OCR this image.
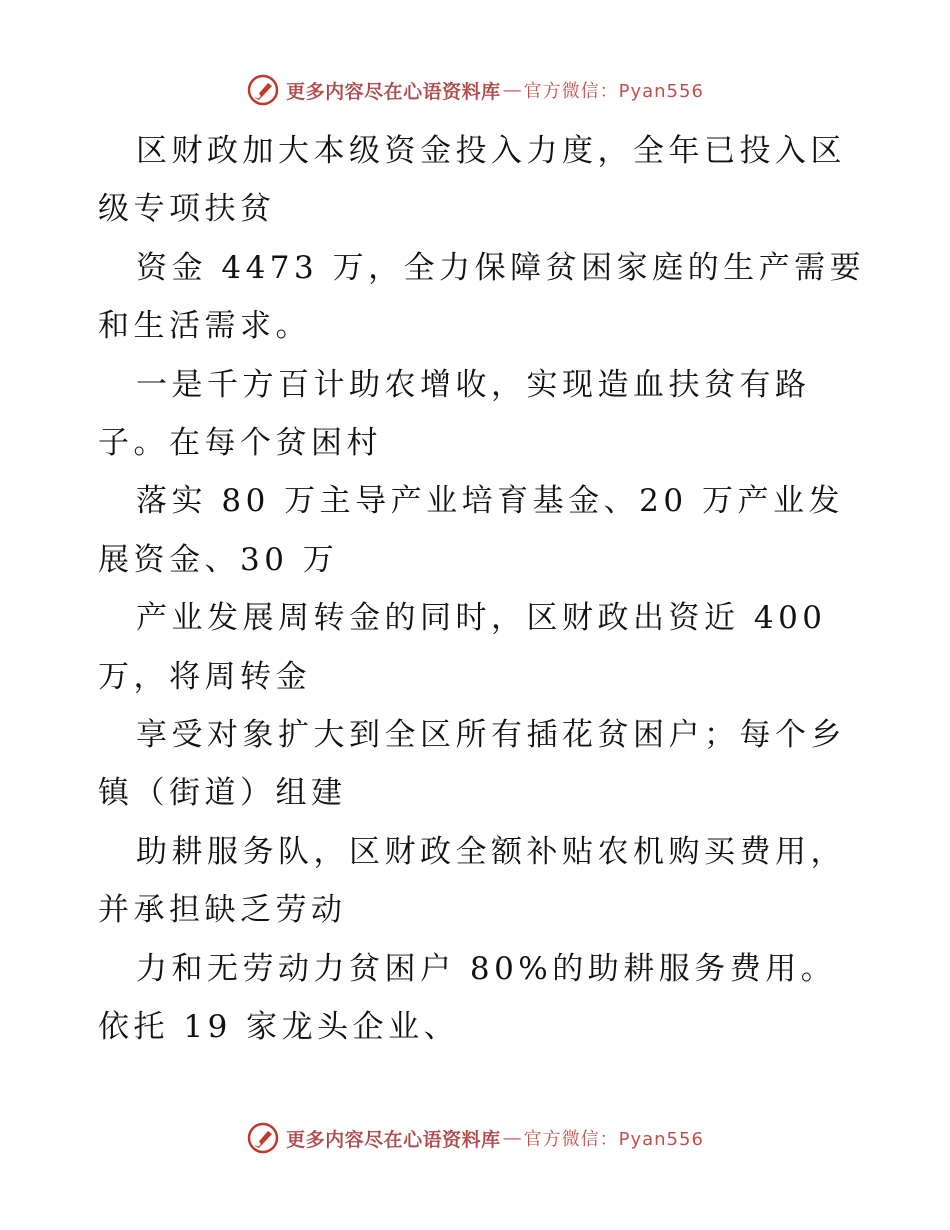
更多内容尽在心语资料库 — 官方微信：Pyan556

区财政加大本级资金投入力度，全年已投入区级专项扶贫

资金 4473 万，全力保障贫困家庭的生产需要和生活需求。

一是千方百计助农增收，实现造血扶贫有路子。在每个贫困村

落实 80 万主导产业培育基金、20 万产业发展资金、30 万

产业发展周转金的同时，区财政出资近 400 万，将周转金

享受对象扩大到全区所有插花贫困户；每个乡镇（街道）组建

助耕服务队，区财政全额补贴农机购买费用，并承担缺乏劳动

力和无劳动力贫困户 80%的助耕服务费用。依托 19 家龙头企业、

更多内容尽在心语资料库 — 官方微信：Pyan556
